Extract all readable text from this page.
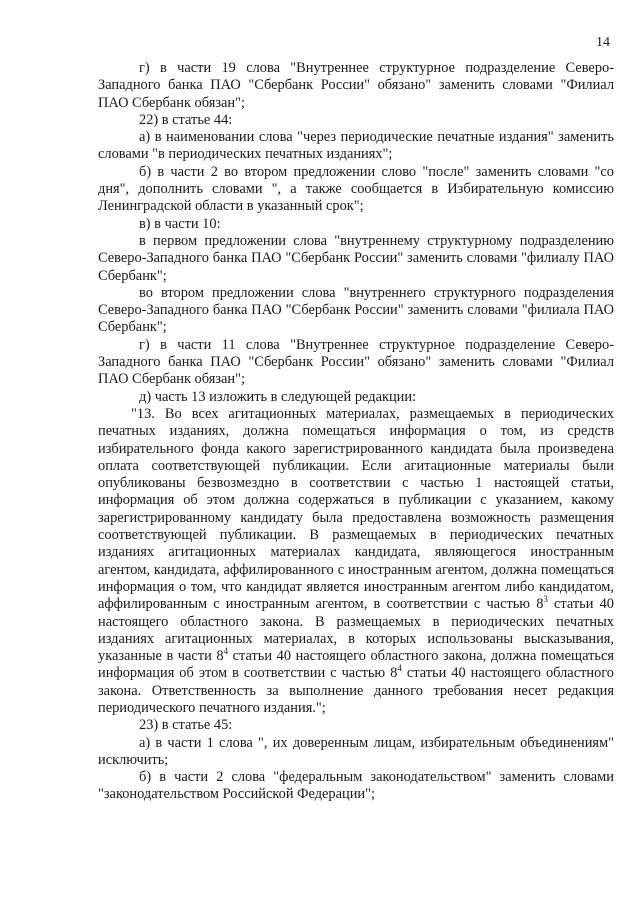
14

г) в части 19 слова "Внутреннее структурное подразделение Северо-Западного банка ПАО "Сбербанк России" обязано" заменить словами "Филиал ПАО Сбербанк обязан";

22) в статье 44:

а) в наименовании слова "через периодические печатные издания" заменить словами "в периодических печатных изданиях";

б) в части 2 во втором предложении слово "после" заменить словами "со дня", дополнить словами ", а также сообщается в Избирательную комиссию Ленинградской области в указанный срок";

в) в части 10:

в первом предложении слова "внутреннему структурному подразделению Северо-Западного банка ПАО "Сбербанк России" заменить словами "филиалу ПАО Сбербанк";

во втором предложении слова "внутреннего структурного подразделения Северо-Западного банка ПАО "Сбербанк России" заменить словами "филиала ПАО Сбербанк";

г) в части 11 слова "Внутреннее структурное подразделение Северо-Западного банка ПАО "Сбербанк России" обязано" заменить словами "Филиал ПАО Сбербанк обязан";

д) часть 13 изложить в следующей редакции:

"13. Во всех агитационных материалах, размещаемых в периодических печатных изданиях, должна помещаться информация о том, из средств избирательного фонда какого зарегистрированного кандидата была произведена оплата соответствующей публикации. Если агитационные материалы были опубликованы безвозмездно в соответствии с частью 1 настоящей статьи, информация об этом должна содержаться в публикации с указанием, какому зарегистрированному кандидату была предоставлена возможность размещения соответствующей публикации. В размещаемых в периодических печатных изданиях агитационных материалах кандидата, являющегося иностранным агентом, кандидата, аффилированного с иностранным агентом, должна помещаться информация о том, что кандидат является иностранным агентом либо кандидатом, аффилированным с иностранным агентом, в соответствии с частью $8^3$ статьи 40 настоящего областного закона. В размещаемых в периодических печатных изданиях агитационных материалах, в которых использованы высказывания, указанные в части $8^4$ статьи 40 настоящего областного закона, должна помещаться информация об этом в соответствии с частью $8^4$ статьи 40 настоящего областного закона. Ответственность за выполнение данного требования несет редакция периодического печатного издания.";

23) в статье 45:

а) в части 1 слова ", их доверенным лицам, избирательным объединениям" исключить;

б) в части 2 слова "федеральным законодательством" заменить словами "законодательством Российской Федерации";
